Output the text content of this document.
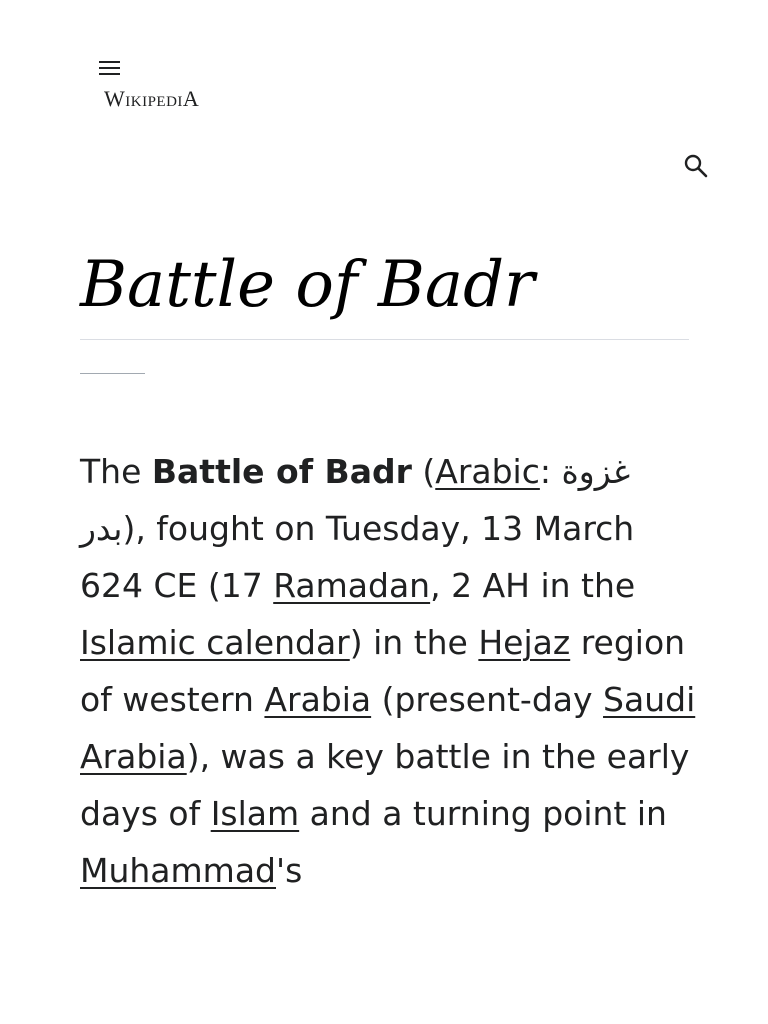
WikipediA
Battle of Badr

The Battle of Badr (Arabic: غزوة بدر), fought on Tuesday, 13 March 624 CE (17 Ramadan, 2 AH in the Islamic calendar) in the Hejaz region of western Arabia (present-day Saudi Arabia), was a key battle in the early days of Islam and a turning point in Muhammad's
